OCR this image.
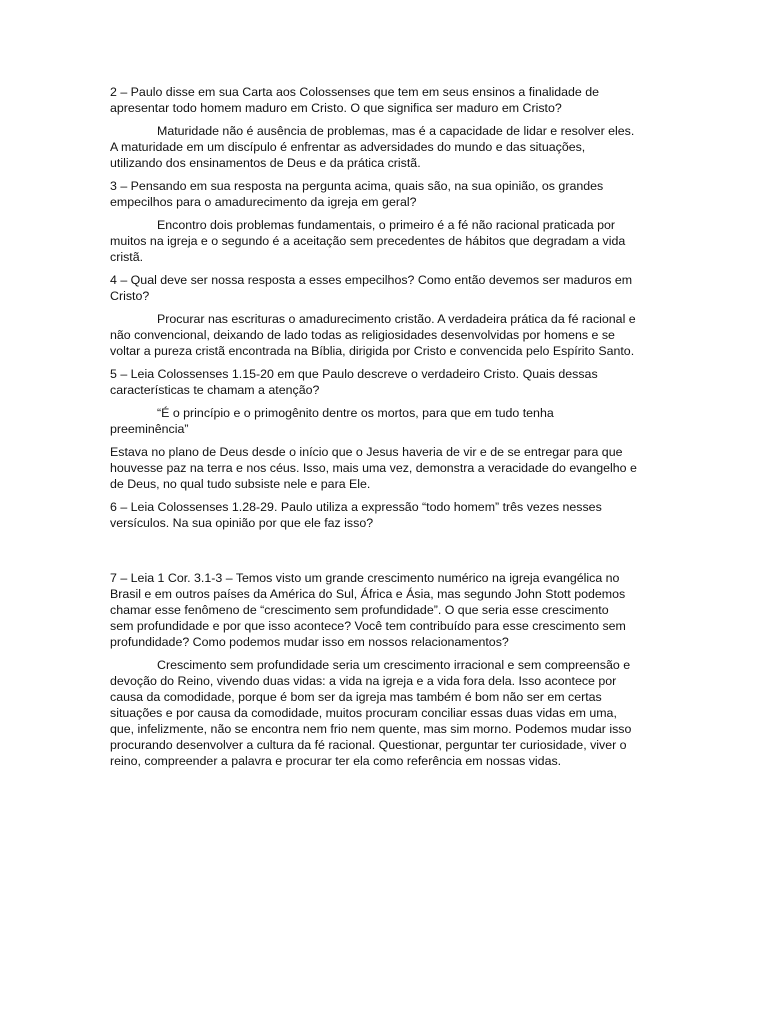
2 – Paulo disse em sua Carta aos Colossenses que tem em seus ensinos a finalidade de
apresentar todo homem maduro em Cristo. O que significa ser maduro em Cristo?

Maturidade não é ausência de problemas, mas é a capacidade de lidar e resolver eles.
A maturidade em um discípulo é enfrentar as adversidades do mundo e das situações,
utilizando dos ensinamentos de Deus e da prática cristã.

3 – Pensando em sua resposta na pergunta acima, quais são, na sua opinião, os grandes
empecilhos para o amadurecimento da igreja em geral?

Encontro dois problemas fundamentais, o primeiro é a fé não racional praticada por
muitos na igreja e o segundo é a aceitação sem precedentes de hábitos que degradam a vida
cristã.

4 – Qual deve ser nossa resposta a esses empecilhos? Como então devemos ser maduros em
Cristo?

Procurar nas escrituras o amadurecimento cristão. A verdadeira prática da fé racional e
não convencional, deixando de lado todas as religiosidades desenvolvidas por homens e se
voltar a pureza cristã encontrada na Bíblia, dirigida por Cristo e convencida pelo Espírito Santo.

5 – Leia Colossenses 1.15-20 em que Paulo descreve o verdadeiro Cristo. Quais dessas
características te chamam a atenção?

“É o princípio e o primogênito dentre os mortos, para que em tudo tenha
preeminência”

Estava no plano de Deus desde o início que o Jesus haveria de vir e de se entregar para que
houvesse paz na terra e nos céus. Isso, mais uma vez, demonstra a veracidade do evangelho e
de Deus, no qual tudo subsiste nele e para Ele.

6 – Leia Colossenses 1.28-29. Paulo utiliza a expressão “todo homem” três vezes nesses
versículos. Na sua opinião por que ele faz isso?

7 – Leia 1 Cor. 3.1-3 – Temos visto um grande crescimento numérico na igreja evangélica no
Brasil e em outros países da América do Sul, África e Ásia, mas segundo John Stott podemos
chamar esse fenômeno de “crescimento sem profundidade”. O que seria esse crescimento
sem profundidade e por que isso acontece? Você tem contribuído para esse crescimento sem
profundidade? Como podemos mudar isso em nossos relacionamentos?

Crescimento sem profundidade seria um crescimento irracional e sem compreensão e
devoção do Reino, vivendo duas vidas: a vida na igreja e a vida fora dela. Isso acontece por
causa da comodidade, porque é bom ser da igreja mas também é bom não ser em certas
situações e por causa da comodidade, muitos procuram conciliar essas duas vidas em uma,
que, infelizmente, não se encontra nem frio nem quente, mas sim morno. Podemos mudar isso
procurando desenvolver a cultura da fé racional. Questionar, perguntar ter curiosidade, viver o
reino, compreender a palavra e procurar ter ela como referência em nossas vidas.
